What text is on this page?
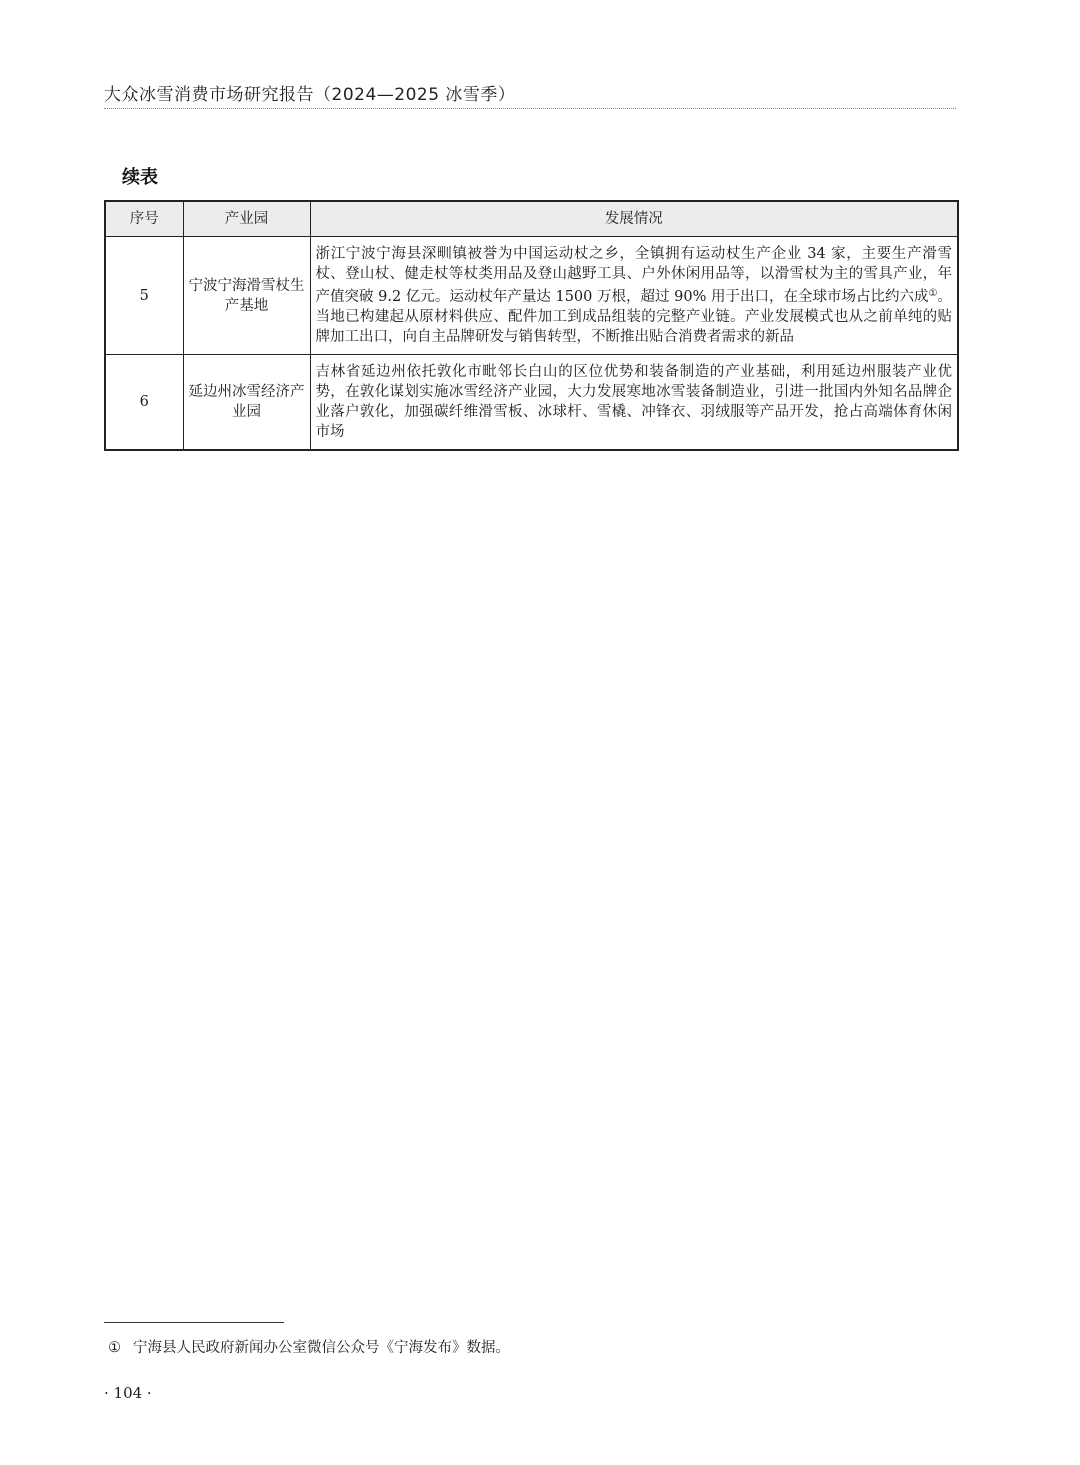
大众冰雪消费市场研究报告（2024—2025 冰雪季）
续表
序号	产业园	发展情况
5	宁波宁海滑雪杖生产基地	浙江宁波宁海县深甽镇被誉为中国运动杖之乡，全镇拥有运动杖生产企业 34 家，主要生产滑雪杖、登山杖、健走杖等杖类用品及登山越野工具、户外休闲用品等，以滑雪杖为主的雪具产业，年产值突破 9.2 亿元。运动杖年产量达 1500 万根，超过 90% 用于出口，在全球市场占比约六成①。当地已构建起从原材料供应、配件加工到成品组装的完整产业链。产业发展模式也从之前单纯的贴牌加工出口，向自主品牌研发与销售转型，不断推出贴合消费者需求的新品
6	延边州冰雪经济产业园	吉林省延边州依托敦化市毗邻长白山的区位优势和装备制造的产业基础，利用延边州服装产业优势，在敦化谋划实施冰雪经济产业园，大力发展寒地冰雪装备制造业，引进一批国内外知名品牌企业落户敦化，加强碳纤维滑雪板、冰球杆、雪橇、冲锋衣、羽绒服等产品开发，抢占高端体育休闲市场
① 宁海县人民政府新闻办公室微信公众号《宁海发布》数据。
· 104 ·
